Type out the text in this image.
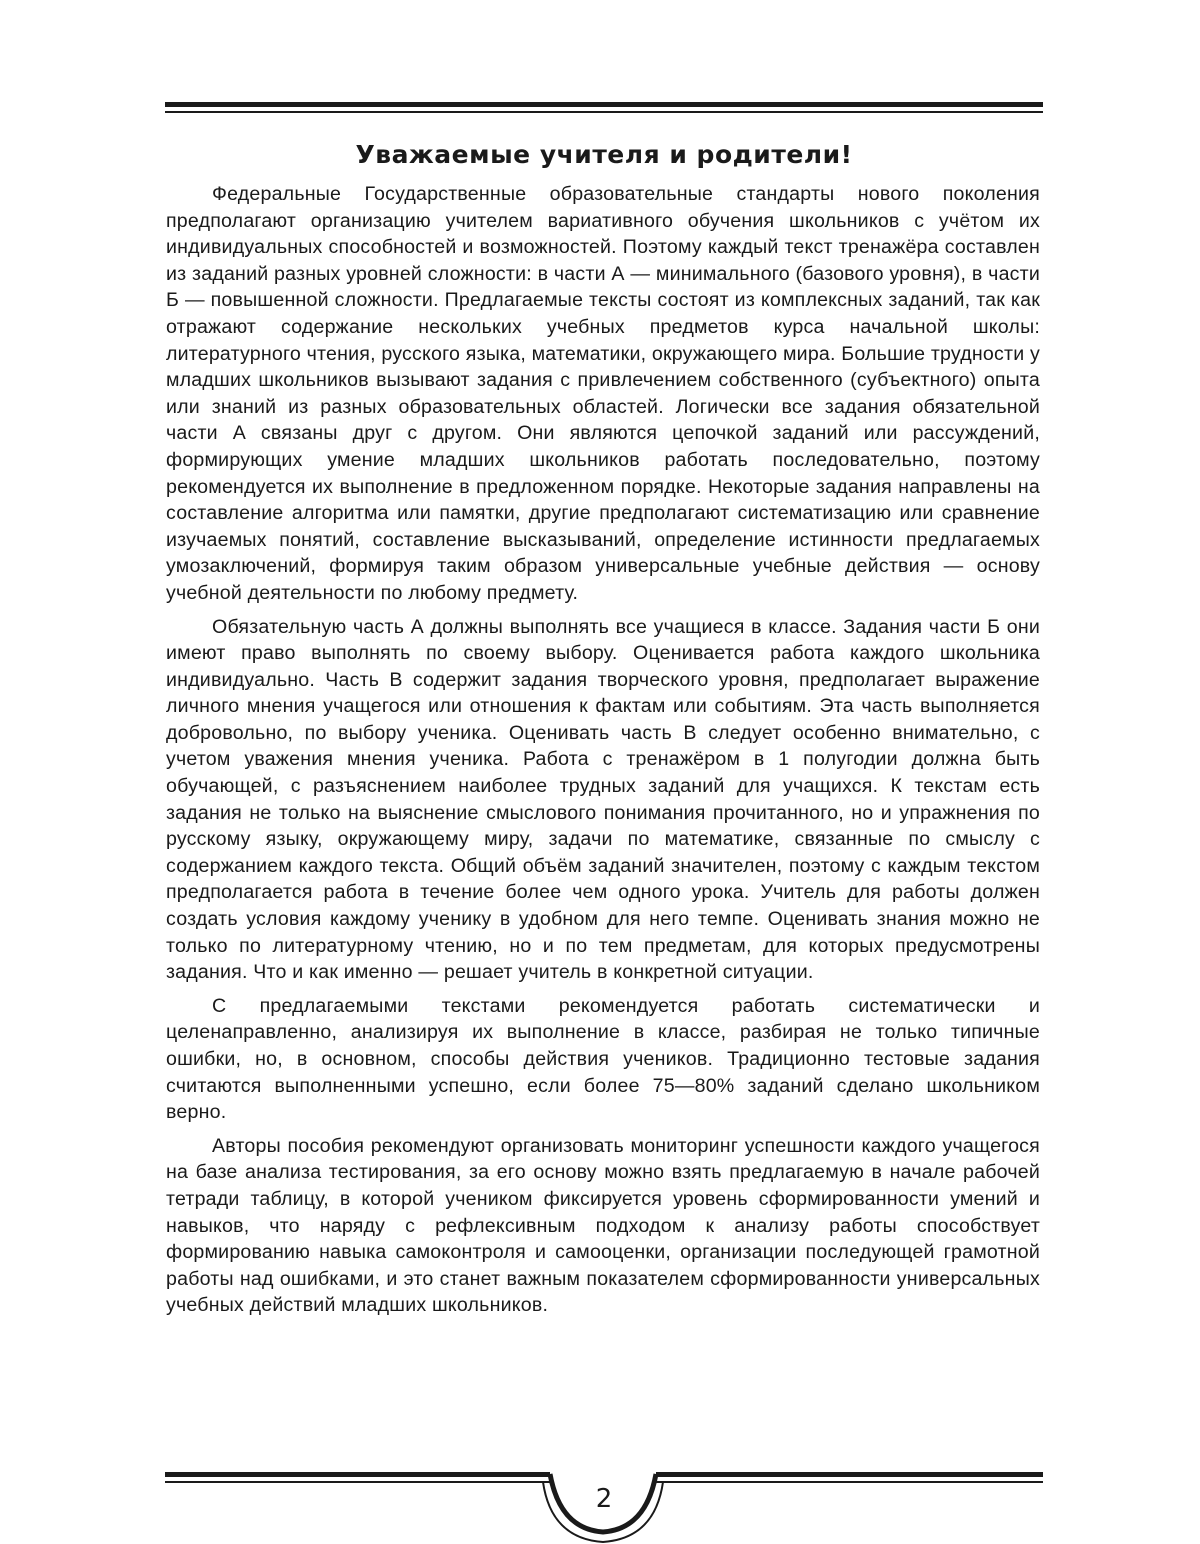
Уважаемые учителя и родители!

Федеральные Государственные образовательные стандарты нового поколения предполагают организацию учителем вариативного обучения школьников с учётом их индивидуальных способностей и возможностей. Поэтому каждый текст тренажёра составлен из заданий разных уровней сложности: в части А — минимального (базового уровня), в части Б — повышенной сложности. Предлагаемые тексты состоят из комплексных заданий, так как отражают содержание нескольких учебных предметов курса начальной школы: литературного чтения, русского языка, математики, окружающего мира. Большие трудности у младших школьников вызывают задания с привлечением собственного (субъектного) опыта или знаний из разных образовательных областей. Логически все задания обязательной части А связаны друг с другом. Они являются цепочкой заданий или рассуждений, формирующих умение младших школьников работать последовательно, поэтому рекомендуется их выполнение в предложенном порядке. Некоторые задания направлены на составление алгоритма или памятки, другие предполагают систематизацию или сравнение изучаемых понятий, составление высказываний, определение истинности предлагаемых умозаключений, формируя таким образом универсальные учебные действия — основу учебной деятельности по любому предмету.

Обязательную часть А должны выполнять все учащиеся в классе. Задания части Б они имеют право выполнять по своему выбору. Оценивается работа каждого школьника индивидуально. Часть В содержит задания творческого уровня, предполагает выражение личного мнения учащегося или отношения к фактам или событиям. Эта часть выполняется добровольно, по выбору ученика. Оценивать часть В следует особенно внимательно, с учетом уважения мнения ученика. Работа с тренажёром в 1 полугодии должна быть обучающей, с разъяснением наиболее трудных заданий для учащихся. К текстам есть задания не только на выяснение смыслового понимания прочитанного, но и упражнения по русскому языку, окружающему миру, задачи по математике, связанные по смыслу с содержанием каждого текста. Общий объём заданий значителен, поэтому с каждым текстом предполагается работа в течение более чем одного урока. Учитель для работы должен создать условия каждому ученику в удобном для него темпе. Оценивать знания можно не только по литературному чтению, но и по тем предметам, для которых предусмотрены задания. Что и как именно — решает учитель в конкретной ситуации.

С предлагаемыми текстами рекомендуется работать систематически и целенаправленно, анализируя их выполнение в классе, разбирая не только типичные ошибки, но, в основном, способы действия учеников. Традиционно тестовые задания считаются выполненными успешно, если более 75—80% заданий сделано школьником верно.

Авторы пособия рекомендуют организовать мониторинг успешности каждого учащегося на базе анализа тестирования, за его основу можно взять предлагаемую в начале рабочей тетради таблицу, в которой учеником фиксируется уровень сформированности умений и навыков, что наряду с рефлексивным подходом к анализу работы способствует формированию навыка самоконтроля и самооценки, организации последующей грамотной работы над ошибками, и это станет важным показателем сформированности универсальных учебных действий младших школьников.

2
